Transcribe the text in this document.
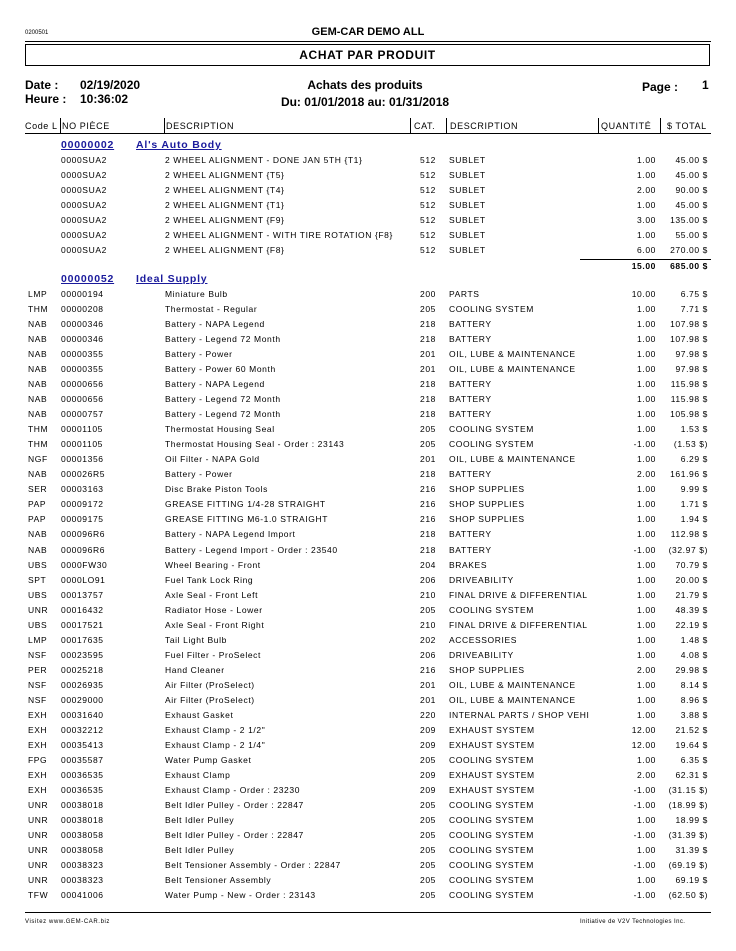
0200501	GEM-CAR DEMO ALL
ACHAT PAR PRODUIT
Date : 02/19/2020
Heure : 10:36:02
Achats des produits
Du: 01/01/2018 au: 01/31/2018
Page : 1
Code L NO PIÈCE	DESCRIPTION	CAT. DESCRIPTION	QUANTITÉ $ TOTAL
00000002 Al's Auto Body
0000SUA2	2 WHEEL ALIGNMENT - DONE JAN 5TH {T1}	512 SUBLET	1.00 45.00 $
0000SUA2	2 WHEEL ALIGNMENT {T5}	512 SUBLET	1.00 45.00 $
0000SUA2	2 WHEEL ALIGNMENT {T4}	512 SUBLET	2.00 90.00 $
0000SUA2	2 WHEEL ALIGNMENT {T1}	512 SUBLET	1.00 45.00 $
0000SUA2	2 WHEEL ALIGNMENT {F9}	512 SUBLET	3.00 135.00 $
0000SUA2	2 WHEEL ALIGNMENT - WITH TIRE ROTATION {F8}	512 SUBLET	1.00 55.00 $
0000SUA2	2 WHEEL ALIGNMENT {F8}	512 SUBLET	6.00 270.00 $
15.00 685.00 $
00000052 Ideal Supply
LMP 00000194	Miniature Bulb	200 PARTS	10.00	6.75 $
THM 00000208	Thermostat - Regular	205 COOLING SYSTEM	1.00	7.71 $
NAB 00000346	Battery - NAPA Legend	218 BATTERY	1.00 107.98 $
NAB 00000346	Battery - Legend 72 Month	218 BATTERY	1.00 107.98 $
NAB 00000355	Battery - Power	201 OIL, LUBE & MAINTENANCE	1.00 97.98 $
NAB 00000355	Battery - Power 60 Month	201 OIL, LUBE & MAINTENANCE	1.00 97.98 $
NAB 00000656	Battery - NAPA Legend	218 BATTERY	1.00 115.98 $
NAB 00000656	Battery - Legend 72 Month	218 BATTERY	1.00 115.98 $
NAB 00000757	Battery - Legend 72 Month	218 BATTERY	1.00 105.98 $
THM 00001105	Thermostat Housing Seal	205 COOLING SYSTEM	1.00	1.53 $
THM 00001105	Thermostat Housing Seal - Order : 23143	205 COOLING SYSTEM	-1.00 (1.53 $)
NGF 00001356	Oil Filter - NAPA Gold	201 OIL, LUBE & MAINTENANCE	1.00	6.29 $
NAB 000026R5	Battery - Power	218 BATTERY	2.00 161.96 $
SER 00003163	Disc Brake Piston Tools	216 SHOP SUPPLIES	1.00	9.99 $
PAP 00009172	GREASE FITTING 1/4-28 STRAIGHT	216 SHOP SUPPLIES	1.00	1.71 $
PAP 00009175	GREASE FITTING M6-1.0 STRAIGHT	216 SHOP SUPPLIES	1.00	1.94 $
NAB 000096R6	Battery - NAPA Legend Import	218 BATTERY	1.00 112.98 $
NAB 000096R6	Battery - Legend Import - Order : 23540	218 BATTERY	-1.00 (32.97 $)
UBS 0000FW30	Wheel Bearing - Front	204 BRAKES	1.00 70.79 $
SPT 0000LO91	Fuel Tank Lock Ring	206 DRIVEABILITY	1.00 20.00 $
UBS 00013757	Axle Seal - Front Left	210 FINAL DRIVE & DIFFERENTIAL	1.00 21.79 $
UNR 00016432	Radiator Hose - Lower	205 COOLING SYSTEM	1.00 48.39 $
UBS 00017521	Axle Seal - Front Right	210 FINAL DRIVE & DIFFERENTIAL	1.00 22.19 $
LMP 00017635	Tail Light Bulb	202 ACCESSORIES	1.00	1.48 $
NSF 00023595	Fuel Filter - ProSelect	206 DRIVEABILITY	1.00	4.08 $
PER 00025218	Hand Cleaner	216 SHOP SUPPLIES	2.00 29.98 $
NSF 00026935	Air Filter (ProSelect)	201 OIL, LUBE & MAINTENANCE	1.00	8.14 $
NSF 00029000	Air Filter (ProSelect)	201 OIL, LUBE & MAINTENANCE	1.00	8.96 $
EXH 00031640	Exhaust Gasket	220 INTERNAL PARTS / SHOP VEHI	1.00	3.88 $
EXH 00032212	Exhaust Clamp - 2 1/2"	209 EXHAUST SYSTEM	12.00 21.52 $
EXH 00035413	Exhaust Clamp - 2 1/4"	209 EXHAUST SYSTEM	12.00 19.64 $
FPG 00035587	Water Pump Gasket	205 COOLING SYSTEM	1.00	6.35 $
EXH 00036535	Exhaust Clamp	209 EXHAUST SYSTEM	2.00 62.31 $
EXH 00036535	Exhaust Clamp - Order : 23230	209 EXHAUST SYSTEM	-1.00 (31.15 $)
UNR 00038018	Belt Idler Pulley - Order : 22847	205 COOLING SYSTEM	-1.00 (18.99 $)
UNR 00038018	Belt Idler Pulley	205 COOLING SYSTEM	1.00 18.99 $
UNR 00038058	Belt Idler Pulley - Order : 22847	205 COOLING SYSTEM	-1.00 (31.39 $)
UNR 00038058	Belt Idler Pulley	205 COOLING SYSTEM	1.00 31.39 $
UNR 00038323	Belt Tensioner Assembly - Order : 22847	205 COOLING SYSTEM	-1.00 (69.19 $)
UNR 00038323	Belt Tensioner Assembly	205 COOLING SYSTEM	1.00 69.19 $
TFW 00041006	Water Pump - New - Order : 23143	205 COOLING SYSTEM	-1.00 (62.50 $)
Visitez www.GEM-CAR.biz	Initiative de V2V Technologies Inc.
